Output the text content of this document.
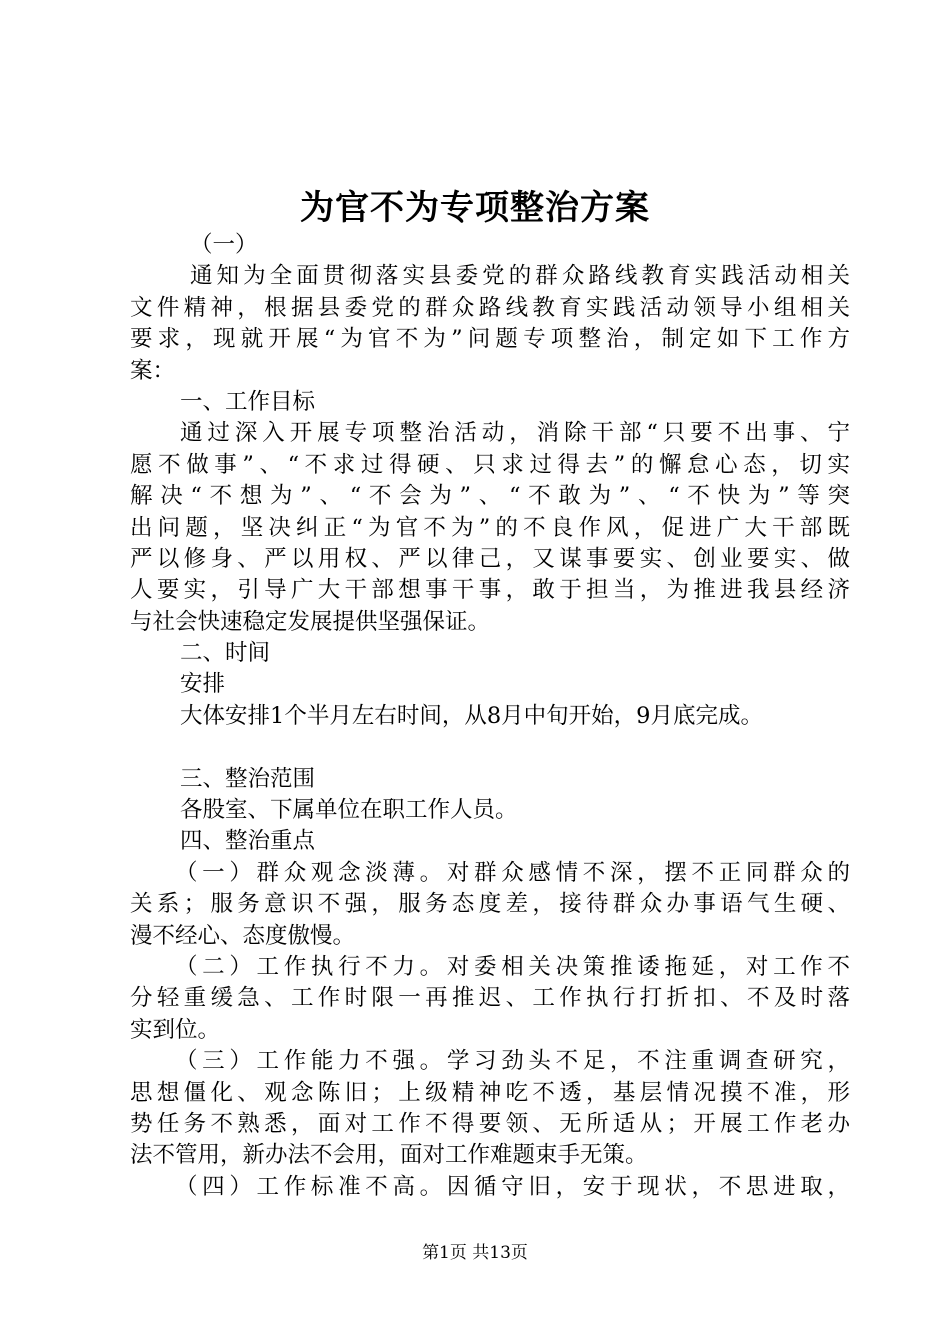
为官不为专项整治方案
（一）
通知为全面贯彻落实县委党的群众路线教育实践活动相关
文件精神，根据县委党的群众路线教育实践活动领导小组相关
要求，现就开展“为官不为”问题专项整治，制定如下工作方
案：
一、工作目标
通过深入开展专项整治活动，消除干部“只要不出事、宁
愿不做事”、“不求过得硬、只求过得去”的懈怠心态，切实
解决“不想为”、“不会为”、“不敢为”、“不快为”等突
出问题，坚决纠正“为官不为”的不良作风，促进广大干部既
严以修身、严以用权、严以律己，又谋事要实、创业要实、做
人要实，引导广大干部想事干事，敢于担当，为推进我县经济
与社会快速稳定发展提供坚强保证。
二、时间
安排
大体安排1个半月左右时间，从8月中旬开始，9月底完成。
三、整治范围
各股室、下属单位在职工作人员。
四、整治重点
（一）群众观念淡薄。对群众感情不深，摆不正同群众的
关系；服务意识不强，服务态度差，接待群众办事语气生硬、
漫不经心、态度傲慢。
（二）工作执行不力。对委相关决策推诿拖延，对工作不
分轻重缓急、工作时限一再推迟、工作执行打折扣、不及时落
实到位。
（三）工作能力不强。学习劲头不足，不注重调查研究，
思想僵化、观念陈旧；上级精神吃不透，基层情况摸不准，形
势任务不熟悉，面对工作不得要领、无所适从；开展工作老办
法不管用，新办法不会用，面对工作难题束手无策。
（四）工作标准不高。因循守旧，安于现状，不思进取，
第1页 共13页
